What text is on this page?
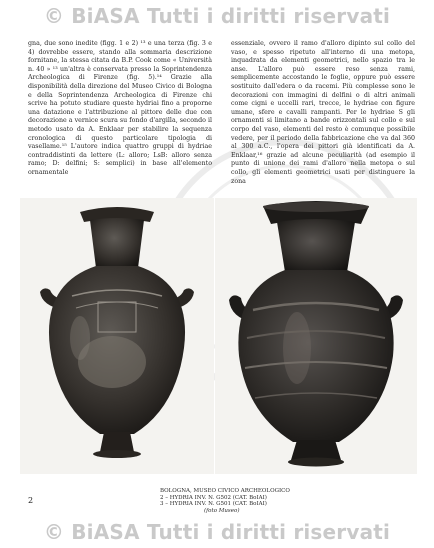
© BiASA Tutti i diritti riservati

gna, due sono inedite (figg. 1 e 2) ¹³ e una terza (fig. 3 e 4) dovrebbe essere, stando alla sommaria descrizione fornitane, la stessa citata da B.P. Cook come « Università n. 40 » ¹³ un'altra è conservata presso la Soprintendenza Archeologica di Firenze (fig. 5).¹⁴ Grazie alla disponibilità della direzione del Museo Civico di Bologna e della Soprintendenza Archeologica di Firenze chi scrive ha potuto studiare queste hydriai fino a proporne una datazione e l'attribuzione al pittore delle due con decorazione a vernice scura su fondo d'argilla, secondo il metodo usato da A. Enklaar per stabilire la sequenza cronologica di questo particolare tipologia di vasellame.¹⁵ L'autore indica quattro gruppi di hydriae contraddistinti da lettere (L: alloro; LsB: alloro senza ramo; D: delfini; S: semplici) in base all'elemento ornamentale

essenziale, ovvero il ramo d'alloro dipinto sul collo del vaso, e spesso ripetuto all'interno di una metopa, inquadrata da elementi geometrici, nello spazio tra le anse. L'alloro può essere reso senza rami, semplicemente accostando le foglie, oppure può essere sostituito dall'edera o da racemi. Più complesse sono le decorazioni con immagini di delfini o di altri animali come cigni e uccelli rari, trecce, le hydriae con figure umane, sfere e cavalli rampanti. Per le hydriae S gli ornamenti si limitano a bande orizzontali sul collo e sul corpo del vaso, elementi del resto è comunque possibile vedere, per il periodo della fabbricazione che va dal 360 al 300 a.C., l'opera dei pittori già identificati da A. Enklaar,¹⁶ grazie ad alcune peculiarità (ad esempio il punto di unione dei rami d'alloro nella metopa o sul collo, gli elementi geometrici usati per distinguere la zona

BOLOGNA, MUSEO CIVICO ARCHEOLOGICO
2 – HYDRIA INV. N. G502 (CAT. BoIAI)
3 – HYDRIA INV. N. G501 (CAT. BoIAI)
(foto Museo)
2
© BiASA Tutti i diritti riservati
